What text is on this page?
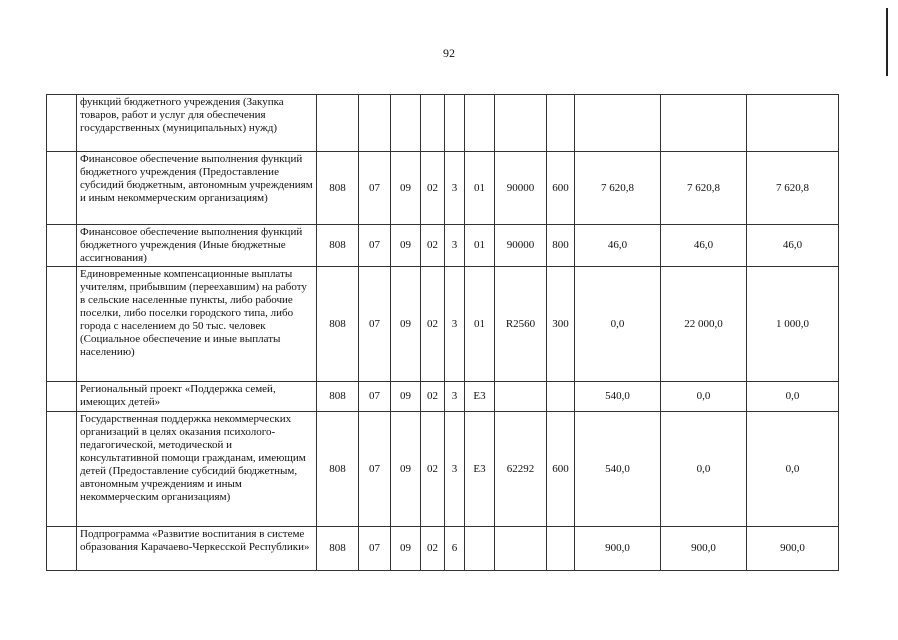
92
	функций бюджетного учреждения (Закупка товаров, работ и услуг для обеспечения государственных (муниципальных) нужд)											
	Финансовое обеспечение выполнения функций бюджетного учреждения (Предоставление субсидий бюджетным, автономным учреждениям и иным некоммерческим организациям)	808	07	09	02	3	01	90000	600	7 620,8	7 620,8	7 620,8
	Финансовое обеспечение выполнения функций бюджетного учреждения (Иные бюджетные ассигнования)	808	07	09	02	3	01	90000	800	46,0	46,0	46,0
	Единовременные компенсационные выплаты учителям, прибывшим (переехавшим) на работу в сельские населенные пункты, либо рабочие поселки, либо поселки городского типа, либо города с населением до 50 тыс. человек (Социальное обеспечение и иные выплаты населению)	808	07	09	02	3	01	R2560	300	0,0	22 000,0	1 000,0
	Региональный проект «Поддержка семей, имеющих детей»	808	07	09	02	3	E3			540,0	0,0	0,0
	Государственная поддержка некоммерческих организаций в целях оказания психолого-педагогической, методической и консультативной помощи гражданам, имеющим детей (Предоставление субсидий бюджетным, автономным учреждениям и иным некоммерческим организациям)	808	07	09	02	3	E3	62292	600	540,0	0,0	0,0
	Подпрограмма «Развитие воспитания в системе образования Карачаево-Черкесской Республики»	808	07	09	02	6				900,0	900,0	900,0
